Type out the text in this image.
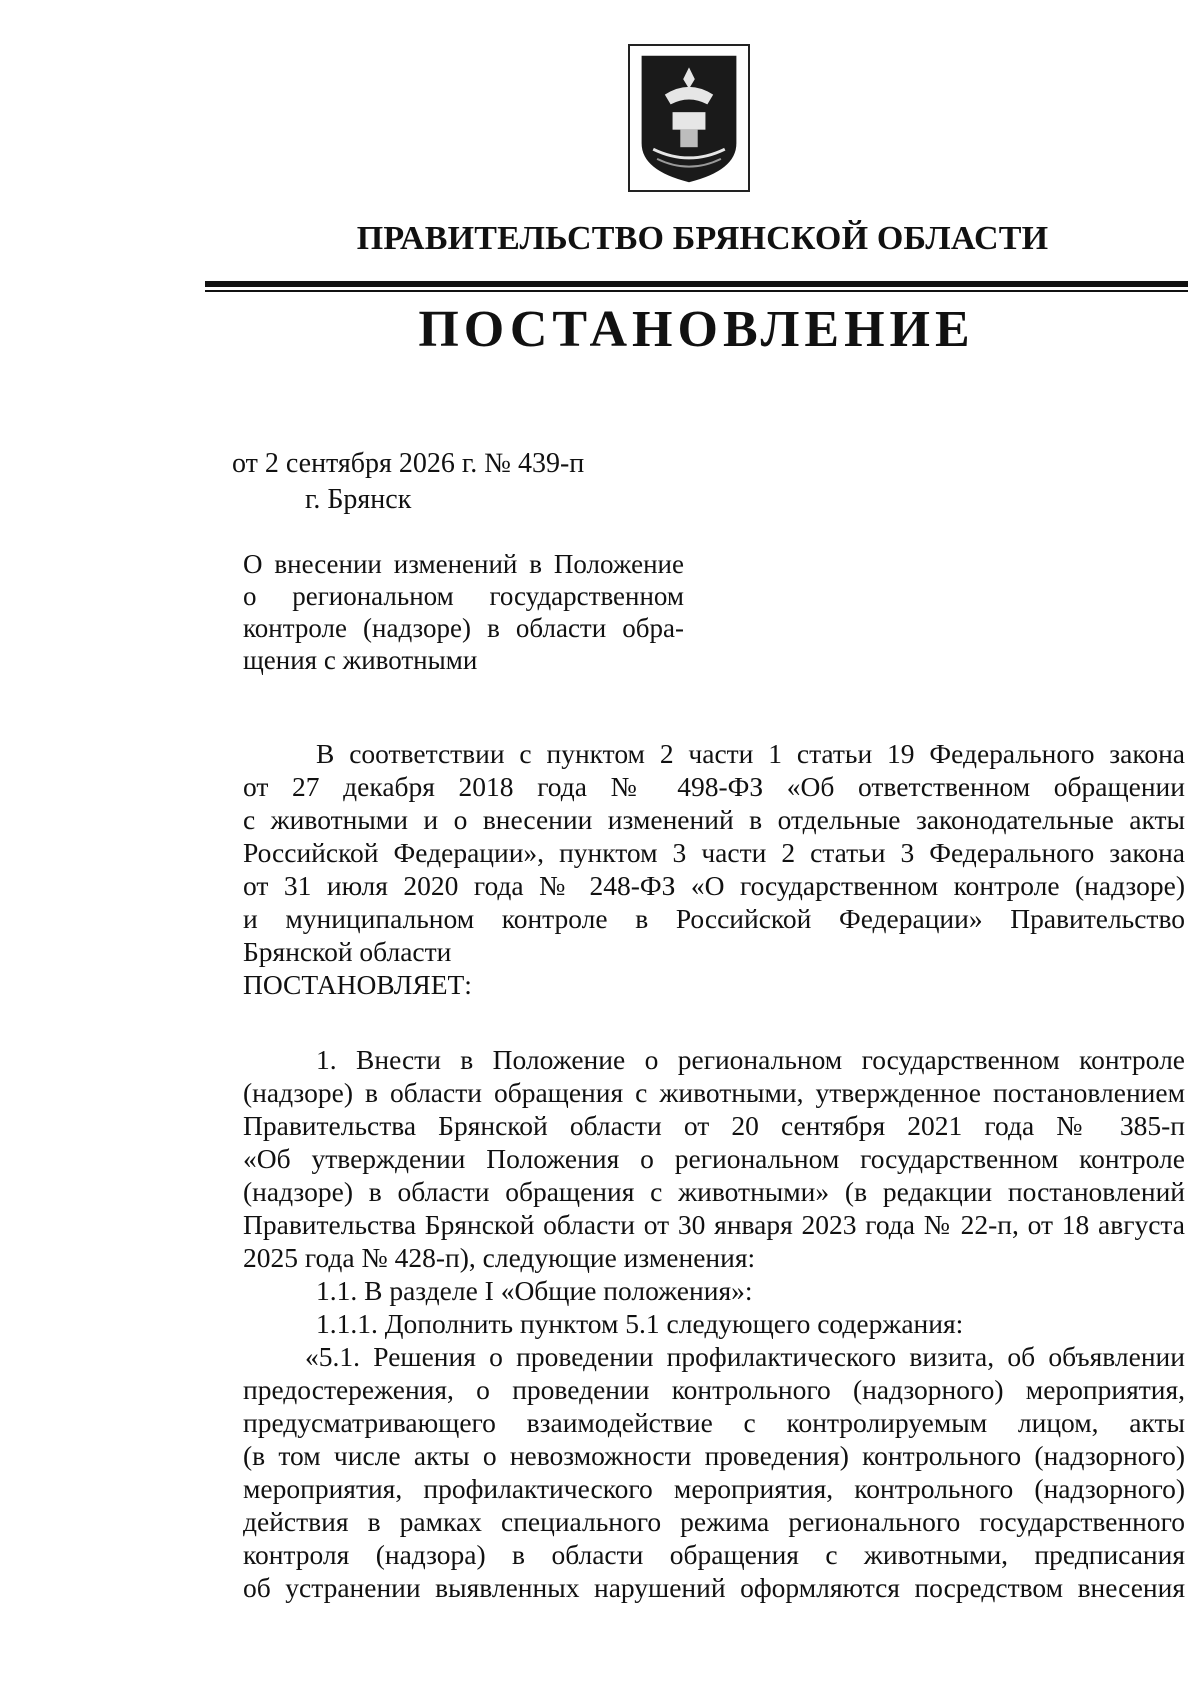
ПРАВИТЕЛЬСТВО БРЯНСКОЙ ОБЛАСТИ
ПОСТАНОВЛЕНИЕ

от 2 сентября 2026 г. № 439-п

г. Брянск

О внесении изменений в Положение
о региональном государственном
контроле (надзоре) в области обра-
щения с животными
В соответствии с пунктом 2 части 1 статьи 19 Федерального закона
от 27 декабря 2018 года № 498-ФЗ «Об ответственном обращении
с животными и о внесении изменений в отдельные законодательные акты
Российской Федерации», пунктом 3 части 2 статьи 3 Федерального закона
от 31 июля 2020 года № 248-ФЗ «О государственном контроле (надзоре)
и муниципальном контроле в Российской Федерации» Правительство
Брянской области
ПОСТАНОВЛЯЕТ:
1. Внести в Положение о региональном государственном контроле
(надзоре) в области обращения с животными, утвержденное постановлением
Правительства Брянской области от 20 сентября 2021 года № 385-п
«Об утверждении Положения о региональном государственном контроле
(надзоре) в области обращения с животными» (в редакции постановлений
Правительства Брянской области от 30 января 2023 года № 22-п, от 18 августа
2025 года № 428-п), следующие изменения:
1.1. В разделе I «Общие положения»:
1.1.1. Дополнить пунктом 5.1 следующего содержания:
«5.1. Решения о проведении профилактического визита, об объявлении
предостережения, о проведении контрольного (надзорного) мероприятия,
предусматривающего взаимодействие с контролируемым лицом, акты
(в том числе акты о невозможности проведения) контрольного (надзорного)
мероприятия, профилактического мероприятия, контрольного (надзорного)
действия в рамках специального режима регионального государственного
контроля (надзора) в области обращения с животными, предписания
об устранении выявленных нарушений оформляются посредством внесения
